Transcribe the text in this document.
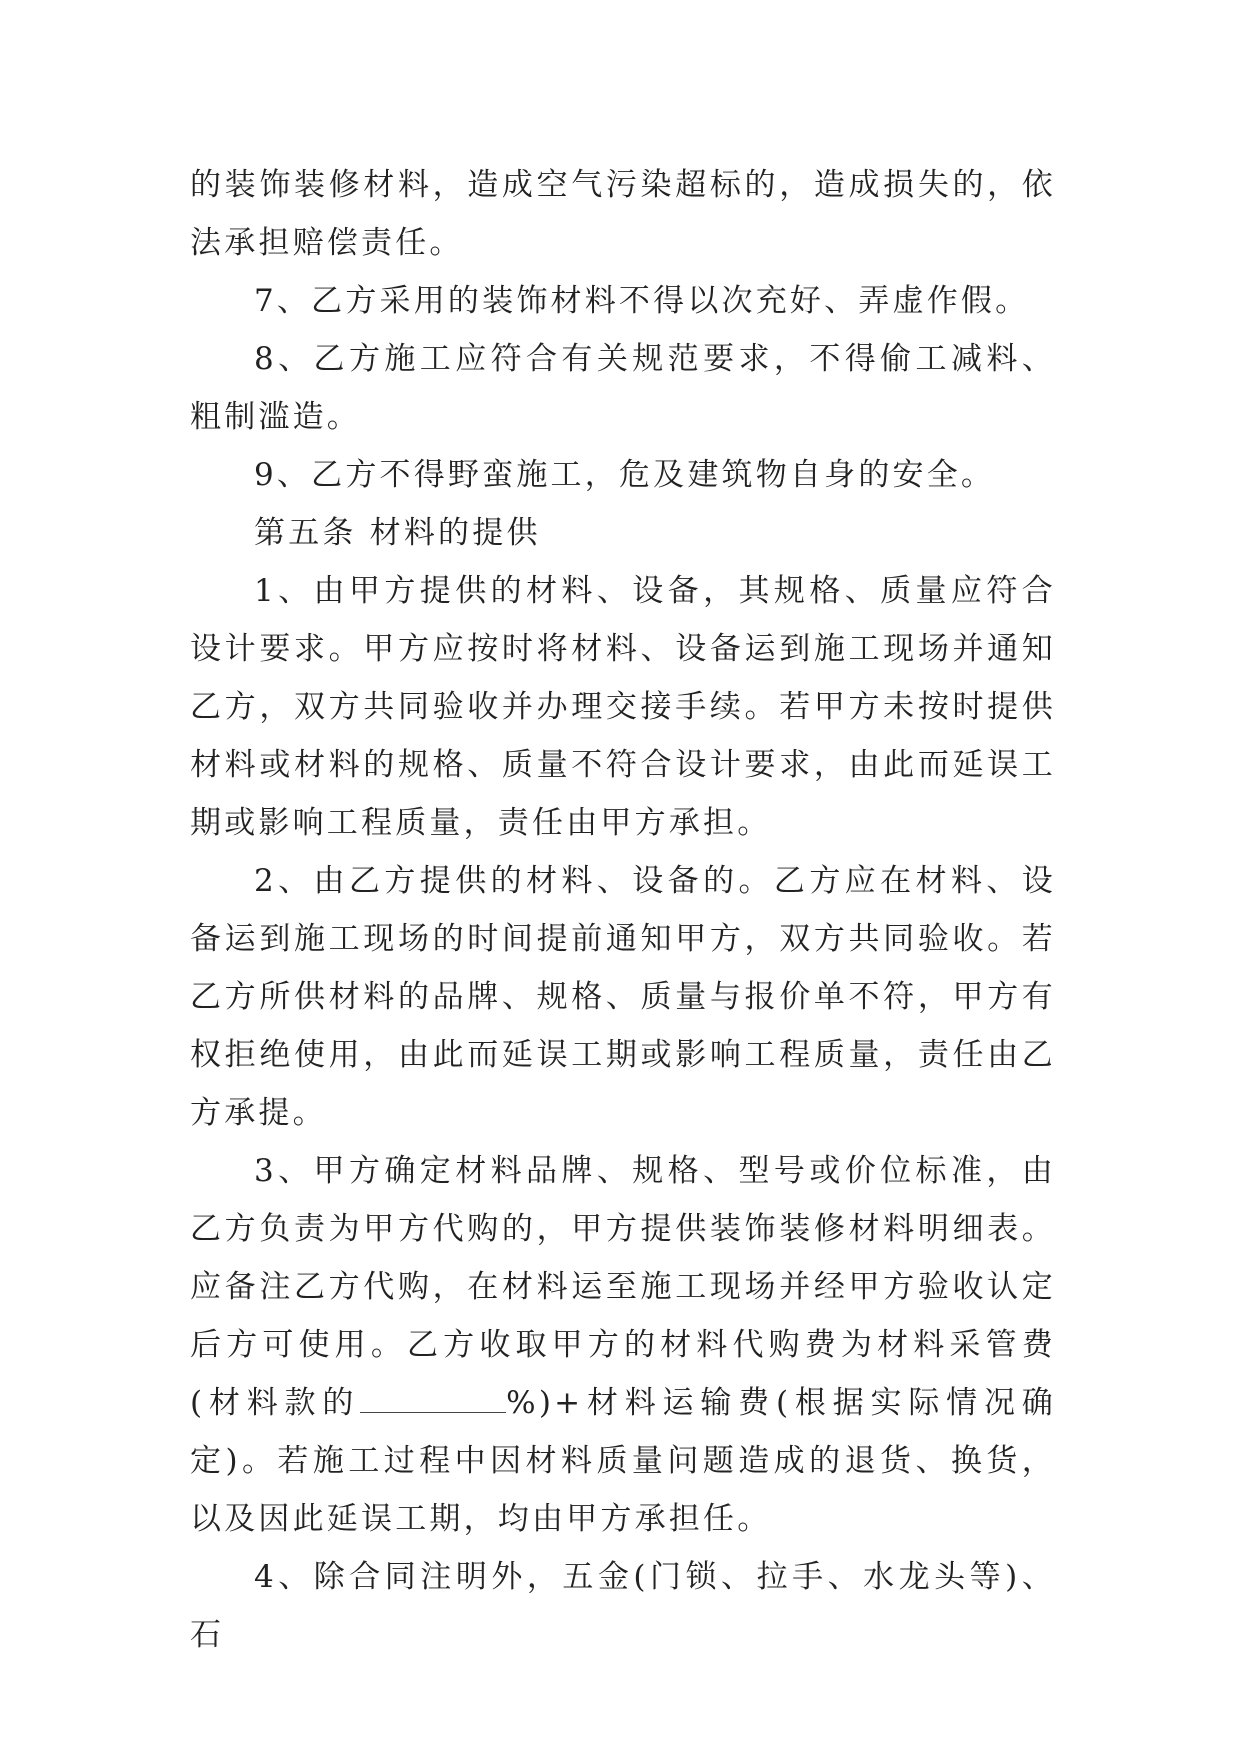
的装饰装修材料，造成空气污染超标的，造成损失的，依法承担赔偿责任。

7、乙方采用的装饰材料不得以次充好、弄虚作假。

8、乙方施工应符合有关规范要求，不得偷工减料、粗制滥造。

9、乙方不得野蛮施工，危及建筑物自身的安全。

第五条 材料的提供

1、由甲方提供的材料、设备，其规格、质量应符合设计要求。甲方应按时将材料、设备运到施工现场并通知乙方，双方共同验收并办理交接手续。若甲方未按时提供材料或材料的规格、质量不符合设计要求，由此而延误工期或影响工程质量，责任由甲方承担。

2、由乙方提供的材料、设备的。乙方应在材料、设备运到施工现场的时间提前通知甲方，双方共同验收。若乙方所供材料的品牌、规格、质量与报价单不符，甲方有权拒绝使用，由此而延误工期或影响工程质量，责任由乙方承提。

3、甲方确定材料品牌、规格、型号或价位标准，由乙方负责为甲方代购的，甲方提供装饰装修材料明细表。应备注乙方代购，在材料运至施工现场并经甲方验收认定后方可使用。乙方收取甲方的材料代购费为材料采管费(材料款的	%)+材料运输费(根据实际情况确定)。若施工过程中因材料质量问题造成的退货、换货，以及因此延误工期，均由甲方承担任。

4、除合同注明外，五金(门锁、拉手、水龙头等)、石
